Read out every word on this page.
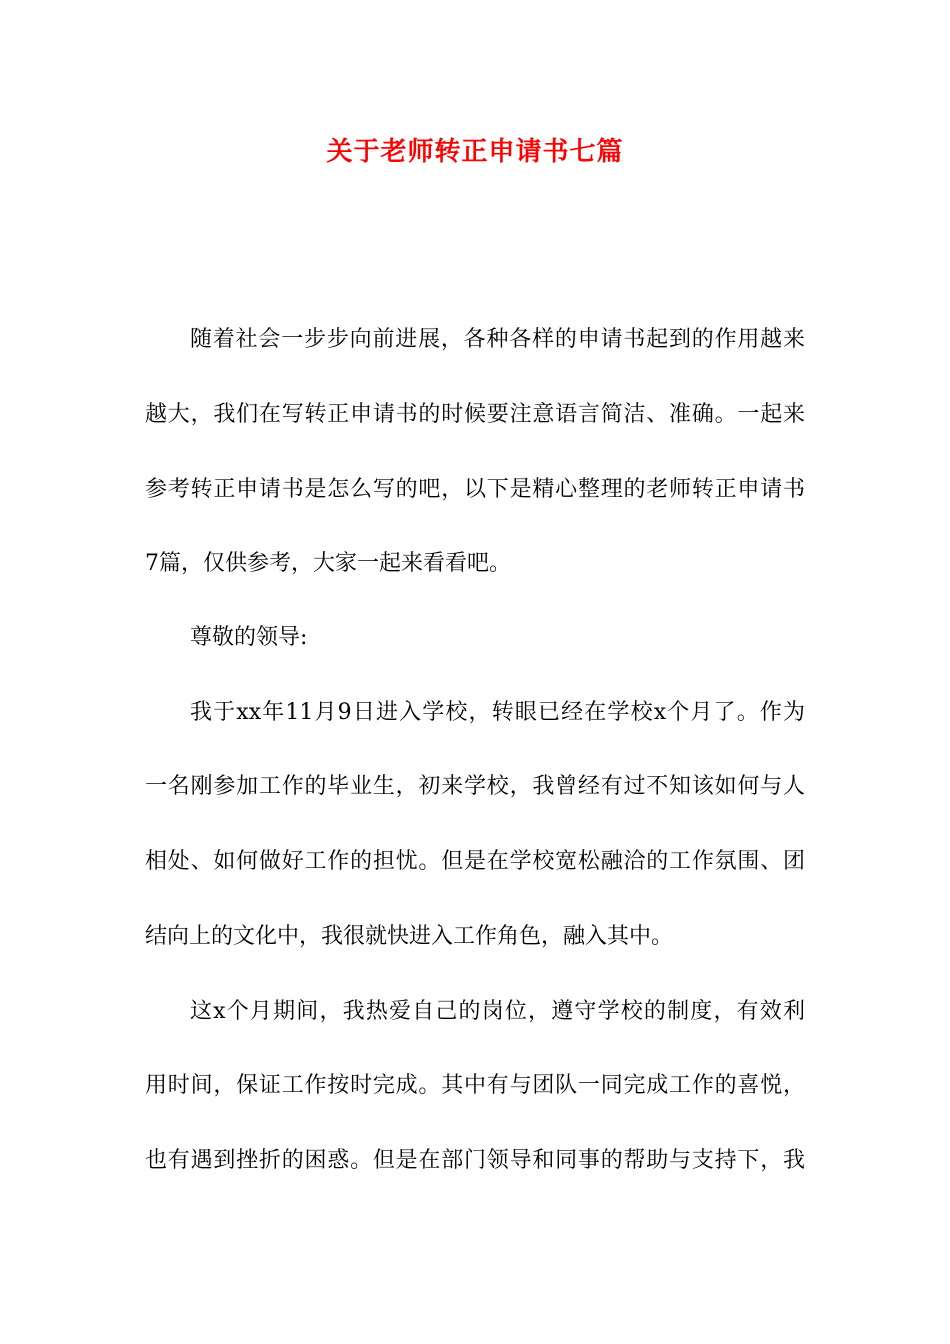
关于老师转正申请书七篇
随着社会一步步向前进展，各种各样的申请书起到的作用越来
越大，我们在写转正申请书的时候要注意语言简洁、准确。一起来
参考转正申请书是怎么写的吧，以下是精心整理的老师转正申请书
7篇，仅供参考，大家一起来看看吧。
尊敬的领导:
我于xx年11月9日进入学校，转眼已经在学校x个月了。作为
一名刚参加工作的毕业生，初来学校，我曾经有过不知该如何与人
相处、如何做好工作的担忧。但是在学校宽松融洽的工作氛围、团
结向上的文化中，我很就快进入工作角色，融入其中。
这x个月期间，我热爱自己的岗位，遵守学校的制度，有效利
用时间，保证工作按时完成。其中有与团队一同完成工作的喜悦，
也有遇到挫折的困惑。但是在部门领导和同事的帮助与支持下，我
